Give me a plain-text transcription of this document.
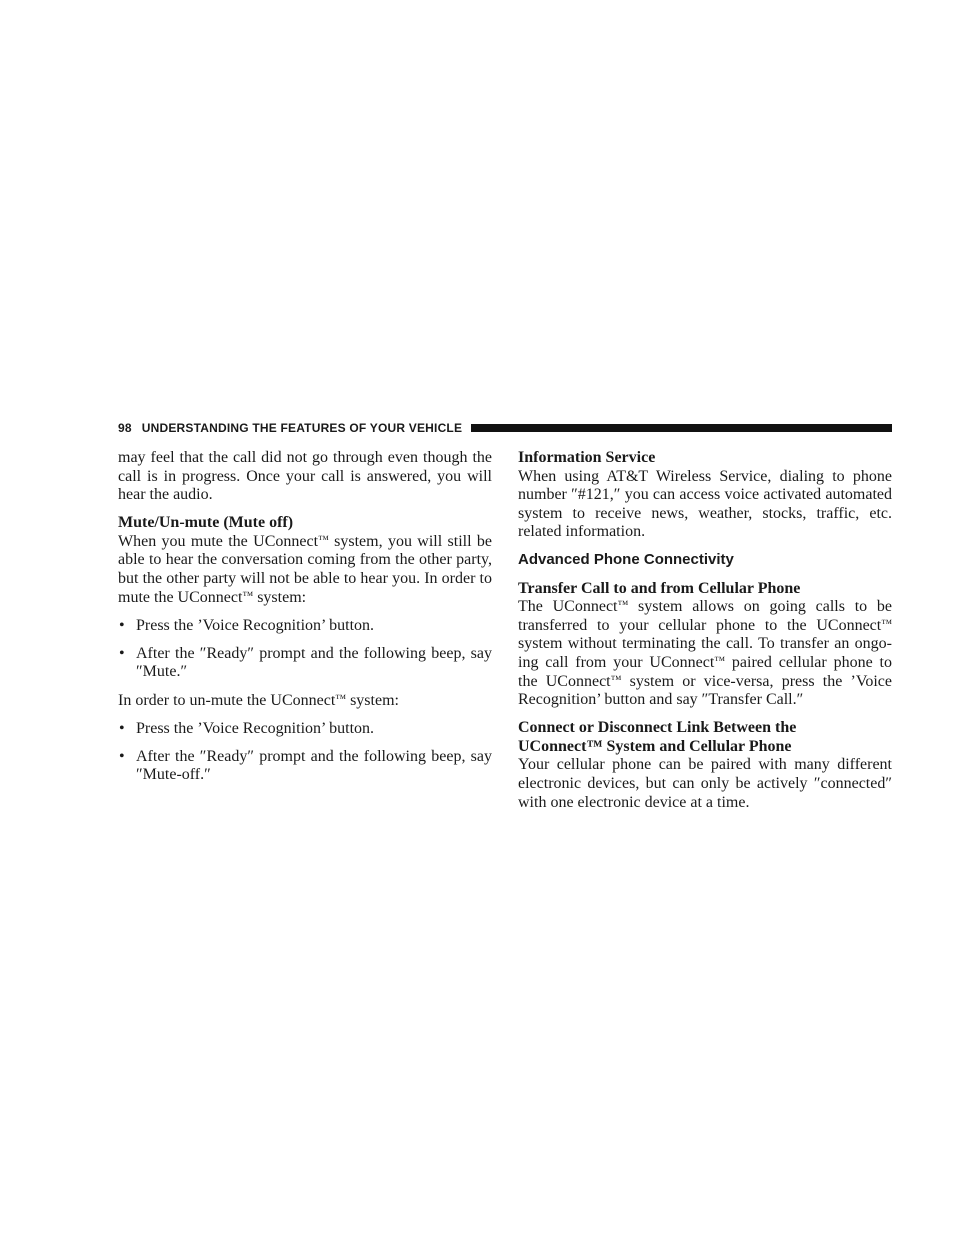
98 UNDERSTANDING THE FEATURES OF YOUR VEHICLE

may feel that the call did not go through even though the call is in progress. Once your call is answered, you will hear the audio.

Mute/Un-mute (Mute off)

When you mute the UConnect™ system, you will still be able to hear the conversation coming from the other party, but the other party will not be able to hear you. In order to mute the UConnect™ system:

• Press the ’Voice Recognition’ button.
• After the ″Ready″ prompt and the following beep, say ″Mute.″

In order to un-mute the UConnect™ system:

• Press the ’Voice Recognition’ button.
• After the ″Ready″ prompt and the following beep, say ″Mute-off.″
Information Service

When using AT&T Wireless Service, dialing to phone number ″#121,″ you can access voice activated automated system to receive news, weather, stocks, traffic, etc. related information.

Advanced Phone Connectivity
Transfer Call to and from Cellular Phone

The UConnect™ system allows on going calls to be transferred to your cellular phone to the UConnect™ system without terminating the call. To transfer an ongo-ing call from your UConnect™ paired cellular phone to the UConnect™ system or vice-versa, press the ’Voice Recognition’ button and say ″Transfer Call.″

Connect or Disconnect Link Between the
UConnect™ System and Cellular Phone

Your cellular phone can be paired with many different electronic devices, but can only be actively ″connected″ with one electronic device at a time.
